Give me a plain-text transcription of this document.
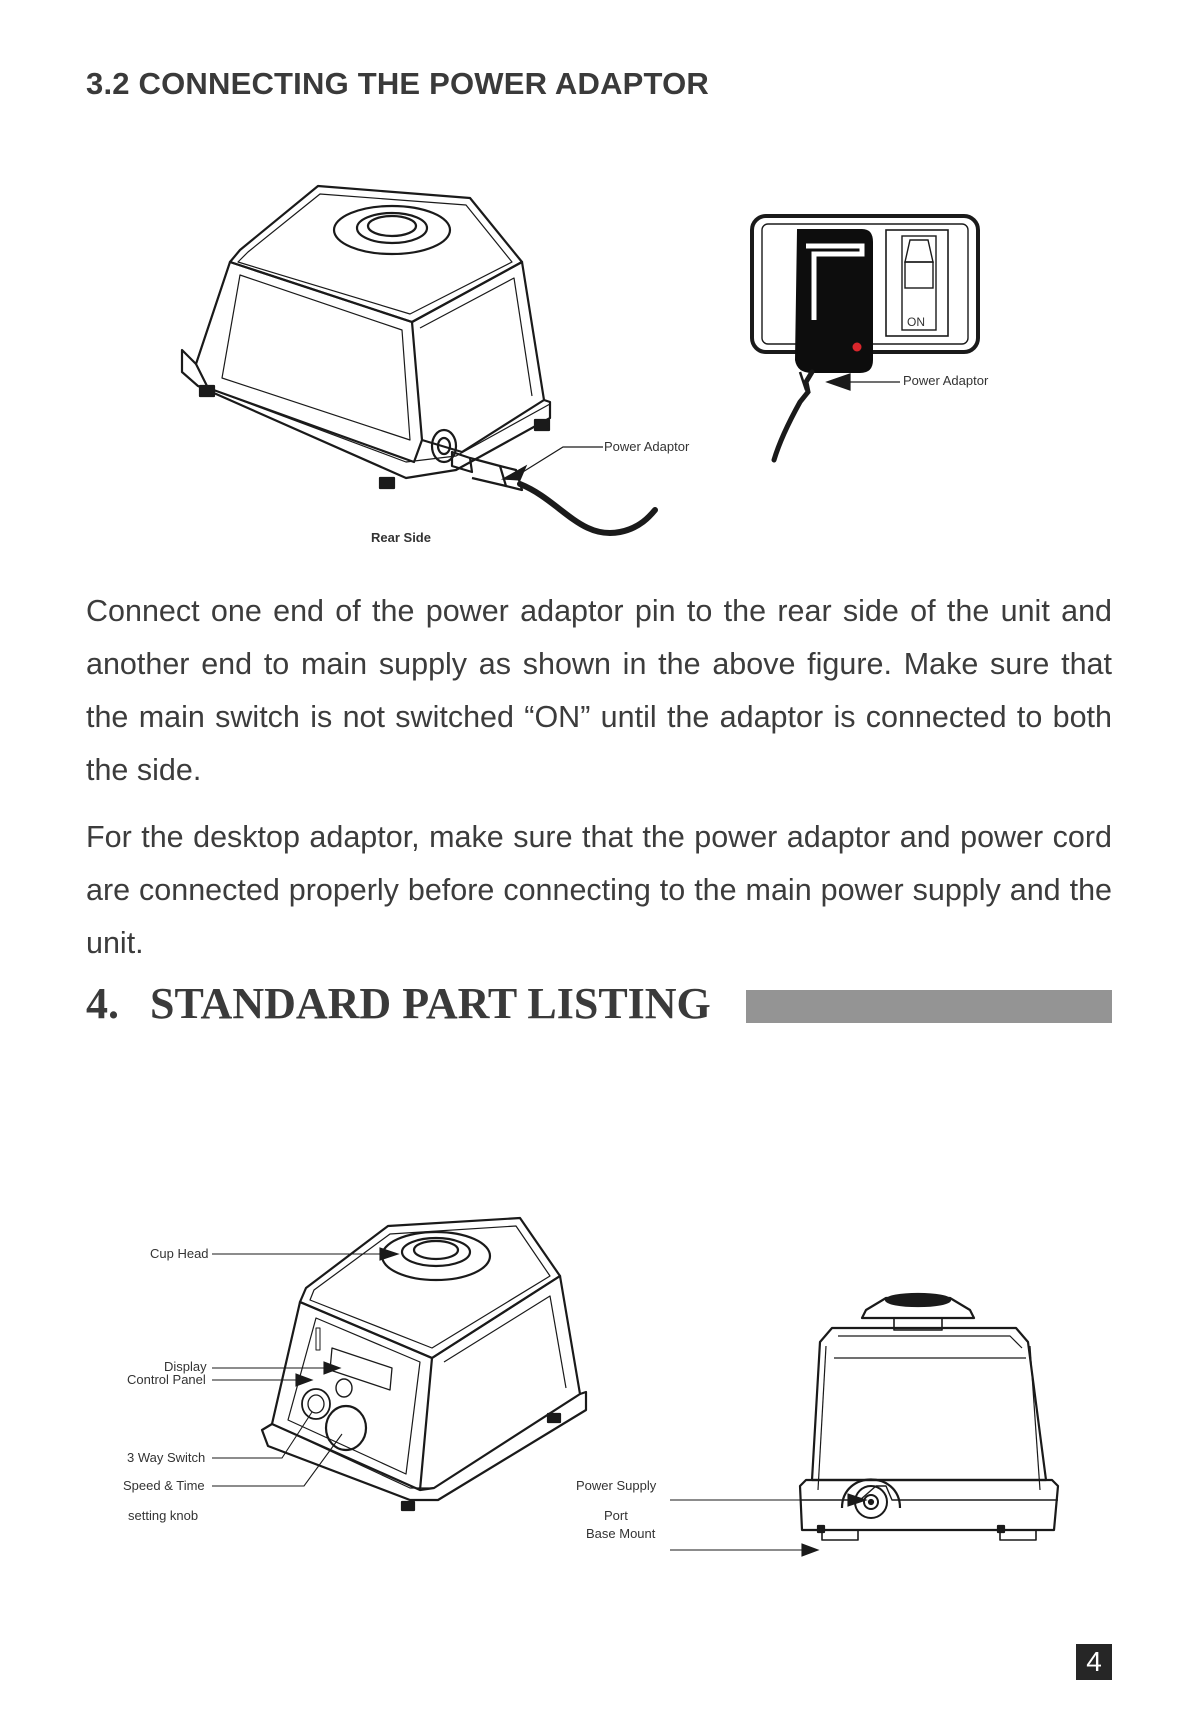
3.2 CONNECTING THE POWER ADAPTOR
Power Adaptor
Rear Side
Power Adaptor
ON
Connect one end of the power adaptor pin to the rear side of the unit and another end to main supply as shown in the above figure. Make sure that the main switch is not switched “ON” until the adaptor is connected to both the side.
For the desktop adaptor, make sure that the power adaptor and power cord are connected properly before connecting to the main power supply and the unit.
4. STANDARD PART LISTING
Cup Head
Display
Control Panel
3 Way Switch
Speed & Time
setting knob
Power Supply
Port
Base Mount
4
